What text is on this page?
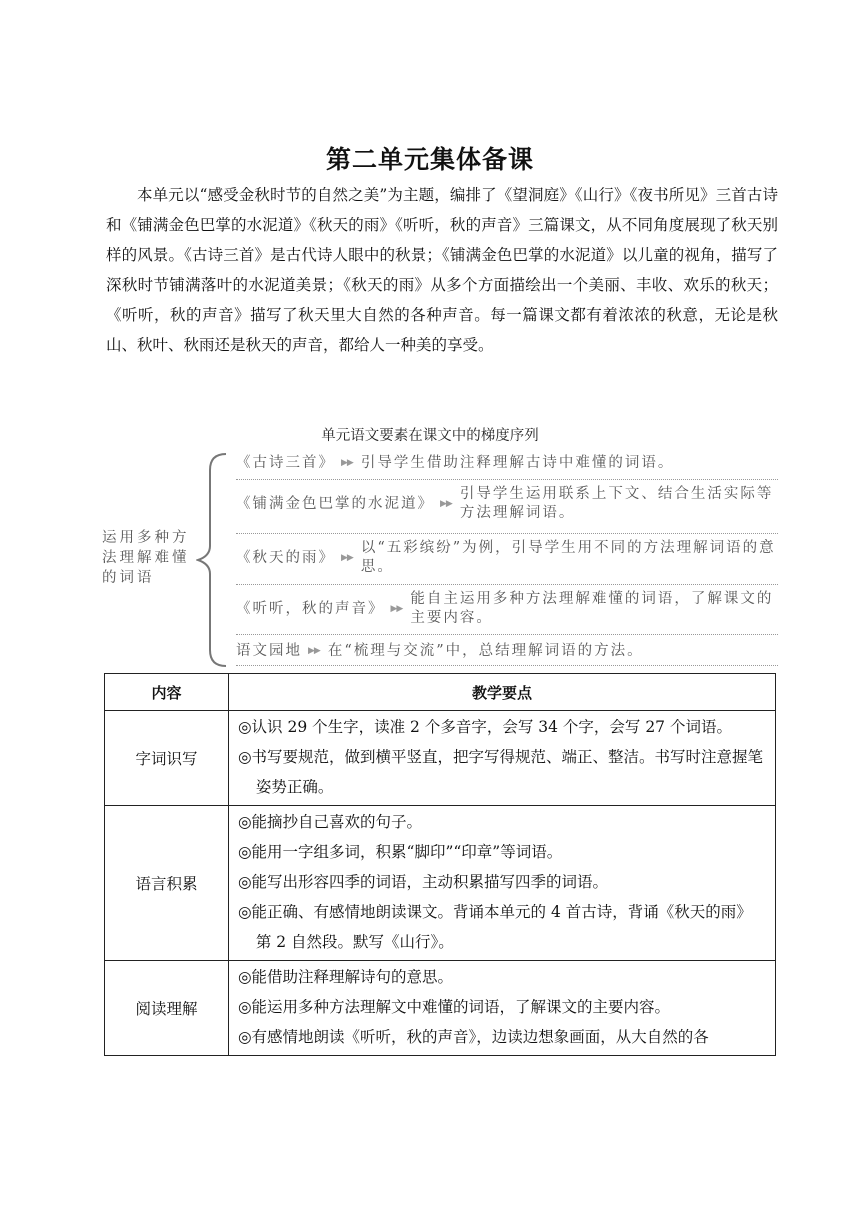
第二单元集体备课

本单元以“感受金秋时节的自然之美”为主题，编排了《望洞庭》《山行》《夜书所见》三首古诗和《铺满金色巴掌的水泥道》《秋天的雨》《听听，秋的声音》三篇课文，从不同角度展现了秋天别样的风景。《古诗三首》是古代诗人眼中的秋景；《铺满金色巴掌的水泥道》以儿童的视角，描写了深秋时节铺满落叶的水泥道美景；《秋天的雨》从多个方面描绘出一个美丽、丰收、欢乐的秋天；《听听，秋的声音》描写了秋天里大自然的各种声音。每一篇课文都有着浓浓的秋意，无论是秋山、秋叶、秋雨还是秋天的声音，都给人一种美的享受。

单元语文要素在课文中的梯度序列
运用多种方法理解难懂的词语
《古诗三首》 ▶▶ 引导学生借助注释理解古诗中难懂的词语。
《铺满金色巴掌的水泥道》 ▶▶
引导学生运用联系上下文、结合生活实际等方法理解词语。
《秋天的雨》 ▶▶
以“五彩缤纷”为例，引导学生用不同的方法理解词语的意思。
《听听，秋的声音》 ▶▶
能自主运用多种方法理解难懂的词语，了解课文的主要内容。
语文园地 ▶▶ 在“梳理与交流”中，总结理解词语的方法。
内容	教学要点
字词识写	◎认识 29 个生字，读准 2 个多音字，会写 34 个字，会写 27 个词语。
◎书写要规范，做到横平竖直，把字写得规范、端正、整洁。书写时注意握笔姿势正确。

语言积累	◎能摘抄自己喜欢的句子。
◎能用一字组多词，积累“脚印”“印章”等词语。
◎能写出形容四季的词语，主动积累描写四季的词语。
◎能正确、有感情地朗读课文。背诵本单元的 4 首古诗，背诵《秋天的雨》第 2 自然段。默写《山行》。

阅读理解	◎能借助注释理解诗句的意思。
◎能运用多种方法理解文中难懂的词语，了解课文的主要内容。
◎有感情地朗读《听听，秋的声音》，边读边想象画面，从大自然的各
